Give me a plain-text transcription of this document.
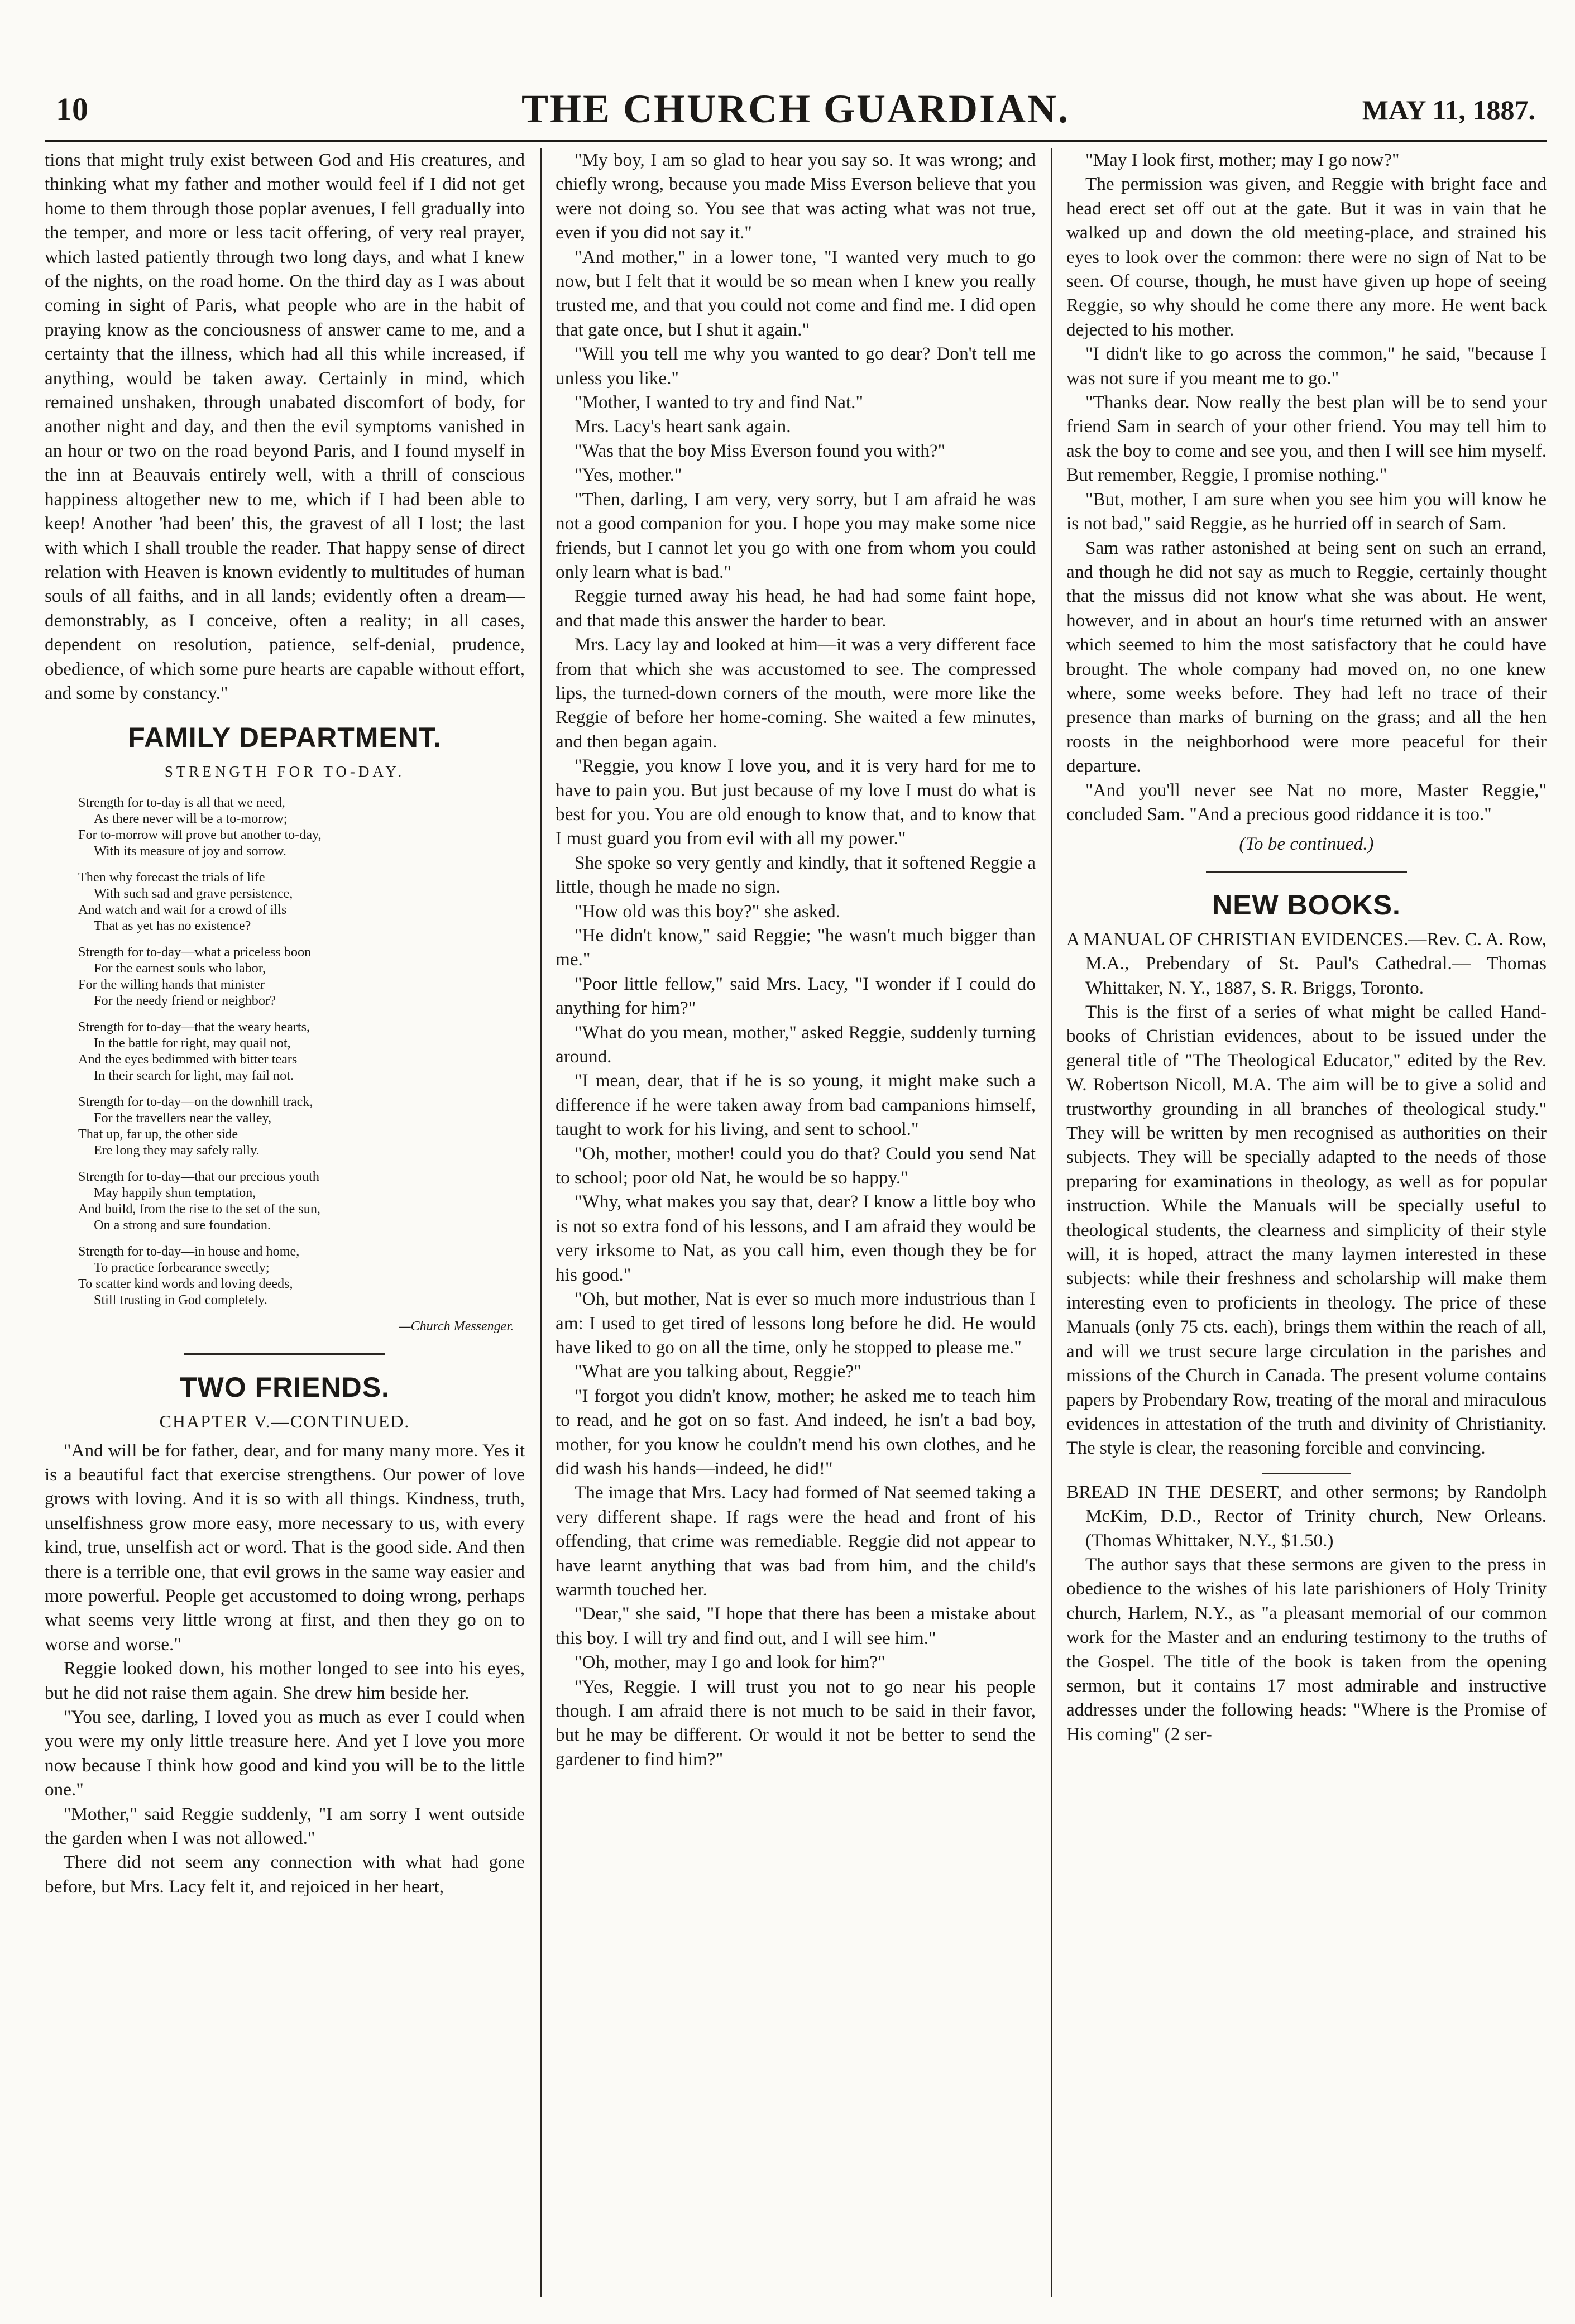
10	THE CHURCH GUARDIAN.	MAY 11, 1887.

tions that might truly exist between God and His creatures, and thinking what my father and mother would feel if I did not get home to them through those poplar avenues, I fell gradually into the temper, and more or less tacit offering, of very real prayer, which lasted patiently through two long days, and what I knew of the nights, on the road home. On the third day as I was about coming in sight of Paris, what people who are in the habit of praying know as the conciousness of answer came to me, and a certainty that the illness, which had all this while increased, if anything, would be taken away. Certainly in mind, which remained unshaken, through unabated discomfort of body, for another night and day, and then the evil symptoms vanished in an hour or two on the road beyond Paris, and I found myself in the inn at Beauvais entirely well, with a thrill of conscious happiness altogether new to me, which if I had been able to keep! Another 'had been' this, the gravest of all I lost; the last with which I shall trouble the reader. That happy sense of direct relation with Heaven is known evidently to multitudes of human souls of all faiths, and in all lands; evidently often a dream—demonstrably, as I conceive, often a reality; in all cases, dependent on resolution, patience, self-denial, prudence, obedience, of which some pure hearts are capable without effort, and some by constancy."

FAMILY DEPARTMENT.
STRENGTH FOR TO-DAY.
Strength for to-day is all that we need,
As there never will be a to-morrow;
For to-morrow will prove but another to-day,
With its measure of joy and sorrow.
Then why forecast the trials of life
With such sad and grave persistence,
And watch and wait for a crowd of ills
That as yet has no existence?
Strength for to-day—what a priceless boon
For the earnest souls who labor,
For the willing hands that minister
For the needy friend or neighbor?
Strength for to-day—that the weary hearts,
In the battle for right, may quail not,
And the eyes bedimmed with bitter tears
In their search for light, may fail not.
Strength for to-day—on the downhill track,
For the travellers near the valley,
That up, far up, the other side
Ere long they may safely rally.
Strength for to-day—that our precious youth
May happily shun temptation,
And build, from the rise to the set of the sun,
On a strong and sure foundation.
Strength for to-day—in house and home,
To practice forbearance sweetly;
To scatter kind words and loving deeds,
Still trusting in God completely.
—Church Messenger.
TWO FRIENDS.
CHAPTER V.—CONTINUED.

"And will be for father, dear, and for many many more. Yes it is a beautiful fact that exercise strengthens. Our power of love grows with loving. And it is so with all things. Kindness, truth, unselfishness grow more easy, more necessary to us, with every kind, true, unselfish act or word. That is the good side. And then there is a terrible one, that evil grows in the same way easier and more powerful. People get accustomed to doing wrong, perhaps what seems very little wrong at first, and then they go on to worse and worse."

Reggie looked down, his mother longed to see into his eyes, but he did not raise them again. She drew him beside her.

"You see, darling, I loved you as much as ever I could when you were my only little treasure here. And yet I love you more now because I think how good and kind you will be to the little one."

"Mother," said Reggie suddenly, "I am sorry I went outside the garden when I was not allowed."

There did not seem any connection with what had gone before, but Mrs. Lacy felt it, and rejoiced in her heart,

"My boy, I am so glad to hear you say so. It was wrong; and chiefly wrong, because you made Miss Everson believe that you were not doing so. You see that was acting what was not true, even if you did not say it."

"And mother," in a lower tone, "I wanted very much to go now, but I felt that it would be so mean when I knew you really trusted me, and that you could not come and find me. I did open that gate once, but I shut it again."

"Will you tell me why you wanted to go dear? Don't tell me unless you like."

"Mother, I wanted to try and find Nat."

Mrs. Lacy's heart sank again.

"Was that the boy Miss Everson found you with?"

"Yes, mother."

"Then, darling, I am very, very sorry, but I am afraid he was not a good companion for you. I hope you may make some nice friends, but I cannot let you go with one from whom you could only learn what is bad."

Reggie turned away his head, he had had some faint hope, and that made this answer the harder to bear.

Mrs. Lacy lay and looked at him—it was a very different face from that which she was accustomed to see. The compressed lips, the turned-down corners of the mouth, were more like the Reggie of before her home-coming. She waited a few minutes, and then began again.

"Reggie, you know I love you, and it is very hard for me to have to pain you. But just because of my love I must do what is best for you. You are old enough to know that, and to know that I must guard you from evil with all my power."

She spoke so very gently and kindly, that it softened Reggie a little, though he made no sign.

"How old was this boy?" she asked.

"He didn't know," said Reggie; "he wasn't much bigger than me."

"Poor little fellow," said Mrs. Lacy, "I wonder if I could do anything for him?"

"What do you mean, mother," asked Reggie, suddenly turning around.

"I mean, dear, that if he is so young, it might make such a difference if he were taken away from bad campanions himself, taught to work for his living, and sent to school."

"Oh, mother, mother! could you do that? Could you send Nat to school; poor old Nat, he would be so happy."

"Why, what makes you say that, dear? I know a little boy who is not so extra fond of his lessons, and I am afraid they would be very irksome to Nat, as you call him, even though they be for his good."

"Oh, but mother, Nat is ever so much more industrious than I am: I used to get tired of lessons long before he did. He would have liked to go on all the time, only he stopped to please me."

"What are you talking about, Reggie?"

"I forgot you didn't know, mother; he asked me to teach him to read, and he got on so fast. And indeed, he isn't a bad boy, mother, for you know he couldn't mend his own clothes, and he did wash his hands—indeed, he did!"

The image that Mrs. Lacy had formed of Nat seemed taking a very different shape. If rags were the head and front of his offending, that crime was remediable. Reggie did not appear to have learnt anything that was bad from him, and the child's warmth touched her.

"Dear," she said, "I hope that there has been a mistake about this boy. I will try and find out, and I will see him."

"Oh, mother, may I go and look for him?"

"Yes, Reggie. I will trust you not to go near his people though. I am afraid there is not much to be said in their favor, but he may be different. Or would it not be better to send the gardener to find him?"

"May I look first, mother; may I go now?"

The permission was given, and Reggie with bright face and head erect set off out at the gate. But it was in vain that he walked up and down the old meeting-place, and strained his eyes to look over the common: there were no sign of Nat to be seen. Of course, though, he must have given up hope of seeing Reggie, so why should he come there any more. He went back dejected to his mother.

"I didn't like to go across the common," he said, "because I was not sure if you meant me to go."

"Thanks dear. Now really the best plan will be to send your friend Sam in search of your other friend. You may tell him to ask the boy to come and see you, and then I will see him myself. But remember, Reggie, I promise nothing."

"But, mother, I am sure when you see him you will know he is not bad," said Reggie, as he hurried off in search of Sam.

Sam was rather astonished at being sent on such an errand, and though he did not say as much to Reggie, certainly thought that the missus did not know what she was about. He went, however, and in about an hour's time returned with an answer which seemed to him the most satisfactory that he could have brought. The whole company had moved on, no one knew where, some weeks before. They had left no trace of their presence than marks of burning on the grass; and all the hen roosts in the neighborhood were more peaceful for their departure.

"And you'll never see Nat no more, Master Reggie," concluded Sam. "And a precious good riddance it is too."

(To be continued.)
NEW BOOKS.

A MANUAL OF CHRISTIAN EVIDENCES.—Rev. C. A. Row, M.A., Prebendary of St. Paul's Cathedral.— Thomas Whittaker, N. Y., 1887, S. R. Briggs, Toronto.

This is the first of a series of what might be called Hand-books of Christian evidences, about to be issued under the general title of "The Theological Educator," edited by the Rev. W. Robertson Nicoll, M.A. The aim will be to give a solid and trustworthy grounding in all branches of theological study." They will be written by men recognised as authorities on their subjects. They will be specially adapted to the needs of those preparing for examinations in theology, as well as for popular instruction. While the Manuals will be specially useful to theological students, the clearness and simplicity of their style will, it is hoped, attract the many laymen interested in these subjects: while their freshness and scholarship will make them interesting even to proficients in theology. The price of these Manuals (only 75 cts. each), brings them within the reach of all, and will we trust secure large circulation in the parishes and missions of the Church in Canada. The present volume contains papers by Probendary Row, treating of the moral and miraculous evidences in attestation of the truth and divinity of Christianity. The style is clear, the reasoning forcible and convincing.

BREAD IN THE DESERT, and other sermons; by Randolph McKim, D.D., Rector of Trinity church, New Orleans. (Thomas Whittaker, N.Y., $1.50.)

The author says that these sermons are given to the press in obedience to the wishes of his late parishioners of Holy Trinity church, Harlem, N.Y., as "a pleasant memorial of our common work for the Master and an enduring testimony to the truths of the Gospel. The title of the book is taken from the opening sermon, but it contains 17 most admirable and instructive addresses under the following heads: "Where is the Promise of His coming" (2 ser-
